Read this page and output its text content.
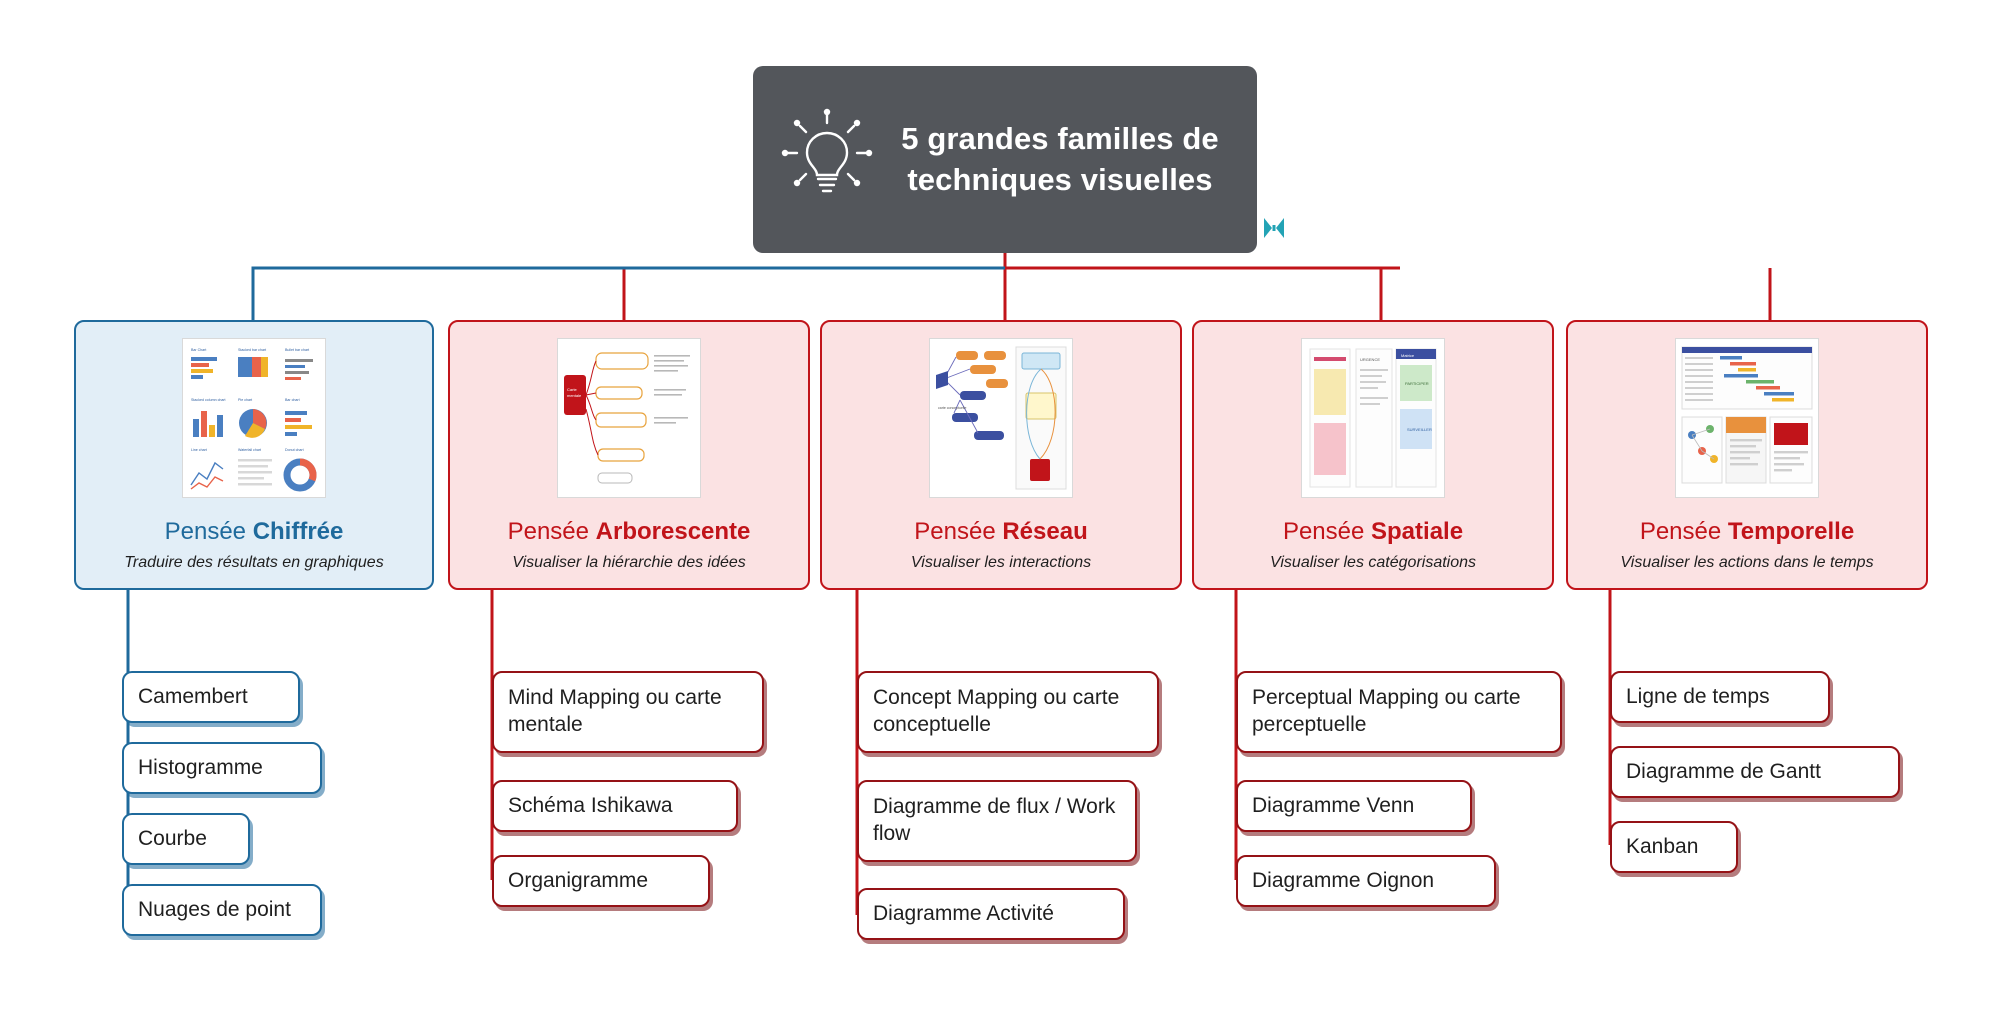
5 grandes familles de techniques visuelles
Bar Chart	Stacked bar chart	Bullet bar chart
Stacked column chart	Pie chart	Bar chart
Line chart	Waterfall chart	Donut chart
Pensée Chiffrée
Traduire des résultats en graphiques
Camembert
Histogramme
Courbe
Nuages de point
Carte
mentale
Pensée Arborescente
Visualiser la hiérarchie des idées
Mind Mapping ou carte mentale
Schéma Ishikawa
Organigramme
carte conceptuelle
Pensée Réseau
Visualiser les interactions
Concept Mapping ou carte conceptuelle
Diagramme de flux / Work flow
Diagramme Activité
URGENCE
Matrice
PARTICIPER
SURVEILLER
Pensée Spatiale
Visualiser les catégorisations
Perceptual Mapping ou carte perceptuelle
Diagramme Venn
Diagramme Oignon
Pensée Temporelle
Visualiser les actions dans le temps
Ligne de temps
Diagramme de Gantt
Kanban
